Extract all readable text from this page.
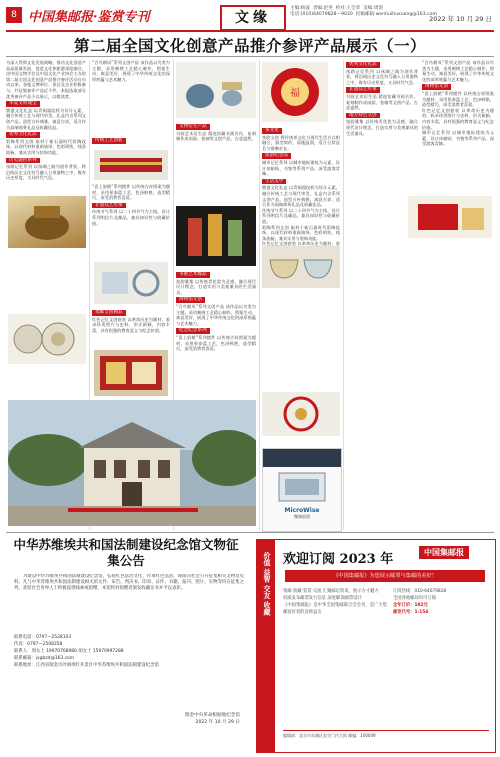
8 中国集邮报·鉴赏专刊	文缘
主编:杨波  责编:赵英  校对:王全荣  美编:周韵
电话:(010)64079828—9030  投稿邮箱:wenhuihuxuang@163.com
2022 年 10 月 29 日
第二届全国文化创意产品推介参评产品展示（一）
为深入贯彻文化发展战略，推动文化创意产品高质量发展，促进文化和旅游深度融合，由中国文物学会及中国文化产业协会主办的第二届全国文化创意产品推介参评活动自启动以来，各地文博单位、景区及企业积极参与，共征集参评产品近千件。本报选取部分优秀参评产品予以展示，以飨读者。
华夏文明瑰宝
鼎盛文化礼盒 以青铜器纹样为设计元素，融合传统工艺与现代审美，礼盒内含系列文创产品，造型古朴典雅，寓意吉祥，适合作为高端商务礼品及收藏佳品。
优秀文化礼品
彩陶系列文创 取材于新石器时代彩陶纹饰，以现代材料重新演绎，色彩明快，线条流畅，兼具实用与装饰功能。
历史题材系列
丝路记忆系列 以丝绸之路为创作背景，将沿线历史文化符号融入日用器物之中，既有历史厚度，又具时代气息。
“百鸟朝凤”系列文创产品 该作品以鸟类为主题，采用刺绣工艺精心制作，图案生动，寓意美好，展现了中华传统文化的深厚底蕴与艺术魅力。
传统工艺创新
“喜上眉梢”系列摆件 以传统吉祥图案为题材，采用景泰蓝工艺，色泽鲜艳，造型精巧，深受消费者喜爱。
非遗技艺传承
传统节气系列 以二十四节气为主线，设计系列明信片及邮品，兼具知识性与收藏价值。
集邮文创精品
红色记忆文创套装 以革命历史为题材，收录珍贵图片与史料，形式新颖，内容丰富，具有很强的教育意义与纪念价值。
文物衍生产品
书画艺术衍生品 精选馆藏书画名作，复刻制作成扇面、卷轴等文创产品，古意盎然。
书画艺术臻品
瓷韵雅集 以传统青花瓷为灵感，融合现代设计理念，打造实用与美观兼具的生活器具。
博物馆文创
“百鸟朝凤”系列文创产品 该作品以鸟类为主题，采用刺绣工艺精心制作，图案生动，寓意美好，展现了中华传统文化的深厚底蕴与艺术魅力。
纪念纪念系列
“喜上眉梢”系列摆件 以传统吉祥图案为题材，采用景泰蓝工艺，色泽鲜艳，造型精巧，深受消费者喜爱。
福
茶文化
茶韵文创 将传统茶文化与现代生活方式相融合，器型简约，质地温润，适合日常品茗与馈赠亲友。
旅游纪念品
城市记忆系列 以城市地标建筑为元素，设计冰箱贴、书签等系列产品，深受游客青睐。
生活美学
鼎盛文化礼盒 以青铜器纹样为设计元素，融合传统工艺与现代审美，礼盒内含系列文创产品，造型古朴典雅，寓意吉祥，适合作为高端商务礼品及收藏佳品。
传统节气系列 以二十四节气为主线，设计系列明信片及邮品，兼具知识性与收藏价值。
彩陶系列文创 取材于新石器时代彩陶纹饰，以现代材料重新演绎，色彩明快，线条流畅，兼具实用与装饰功能。
红色记忆文创套装 以革命历史为题材，收
MicroWise
微瑞思创
优秀文化礼品
丝路记忆系列 以丝绸之路为创作背景，将沿线历史文化符号融入日用器物之中，既有历史厚度，又具时代气息。
非遗技艺传承
书画艺术衍生品 精选馆藏书画名作，复刻制作成扇面、卷轴等文创产品，古意盎然。
地方特色文创
瓷韵雅集 以传统青花瓷为灵感，融合现代设计理念，打造实用与美观兼具的生活器具。
“百鸟朝凤”系列文创产品 该作品以鸟类为主题，采用刺绣工艺精心制作，图案生动，寓意美好，展现了中华传统文化的深厚底蕴与艺术魅力。
博物馆文创
“喜上眉梢”系列摆件 以传统吉祥图案为题材，采用景泰蓝工艺，色泽鲜艳，造型精巧，深受消费者喜爱。
红色记忆文创套装 以革命历史为题材，收录珍贵图片与史料，形式新颖，内容丰富，具有很强的教育意义与纪念价值。
城市记忆系列 以城市地标建筑为元素，设计冰箱贴、书签等系列产品，深受游客青睐。
中华苏维埃共和国法制建设纪念馆文物征集公告
为建设中华苏维埃共和国法制建设纪念馆，弘扬红色法治文化，传承红色基因，现面向社会公开征集相关文物及史料。凡与中华苏维埃共和国法制建设相关的文件、布告、判决书、印章、证件、书籍、报刊、照片、实物等均在征集之列。欢迎社会各界人士积极提供线索或捐赠，本馆将对捐赠者颁发收藏证书并予以表彰。
联系电话：0797—2528103
传真：0797—2508358
联系人：周女士 19970768980 胡女士 15970997288
联系邮箱：jxgbzd@163.com
联系地址：江西省瑞金市沙洲坝红井景区中华苏维埃共和国法制建设纪念馆
瑞金中央革命根据地纪念馆
2022 年 10 月 29 日
价值 益智 交友 收藏 欢迎订阅 2023 年	中国集邮报
《中国集邮报》为您展示邮票与集邮的美好！
集邮·收藏·鉴赏·交流 汇聚邮坛资讯，展示方寸魅力
权威发布邮票发行信息 深度解读邮票设计
《中国集邮报》是中华全国集邮联合会会刊，是广大集邮爱好者的良师益友
订阅热线：010-64079828
全国各地邮局均可订阅
全年订价：192元
邮发代号：1-154
编辑部：北京市东城区安定门内大街 邮编：100009
